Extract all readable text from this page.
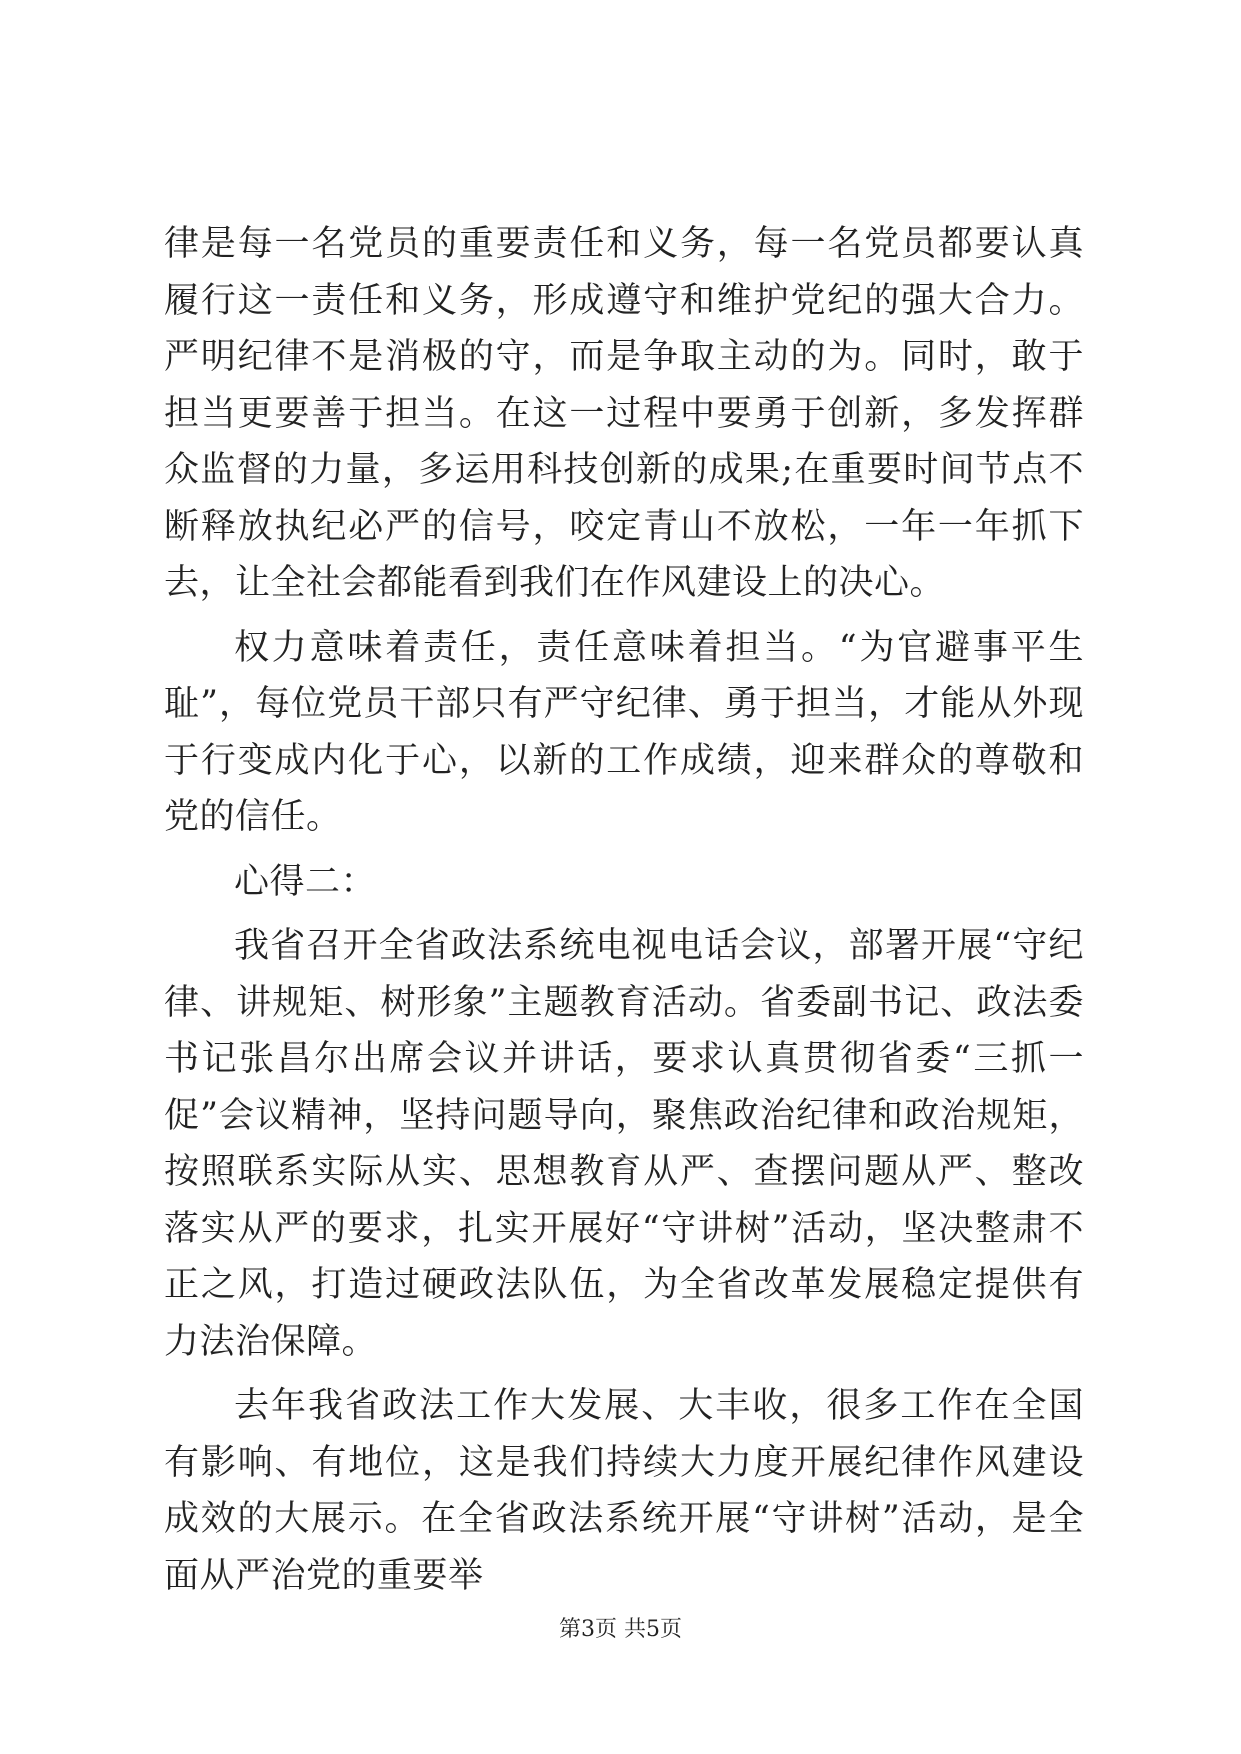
律是每一名党员的重要责任和义务，每一名党员都要认真履行这一责任和义务，形成遵守和维护党纪的强大合力。严明纪律不是消极的守，而是争取主动的为。同时，敢于担当更要善于担当。在这一过程中要勇于创新，多发挥群众监督的力量，多运用科技创新的成果;在重要时间节点不断释放执纪必严的信号，咬定青山不放松，一年一年抓下去，让全社会都能看到我们在作风建设上的决心。

权力意味着责任，责任意味着担当。“为官避事平生耻”，每位党员干部只有严守纪律、勇于担当，才能从外现于行变成内化于心，以新的工作成绩，迎来群众的尊敬和党的信任。

心得二：

我省召开全省政法系统电视电话会议，部署开展“守纪律、讲规矩、树形象”主题教育活动。省委副书记、政法委书记张昌尔出席会议并讲话，要求认真贯彻省委“三抓一促”会议精神，坚持问题导向，聚焦政治纪律和政治规矩，按照联系实际从实、思想教育从严、查摆问题从严、整改落实从严的要求，扎实开展好“守讲树”活动，坚决整肃不正之风，打造过硬政法队伍，为全省改革发展稳定提供有力法治保障。

去年我省政法工作大发展、大丰收，很多工作在全国有影响、有地位，这是我们持续大力度开展纪律作风建设成效的大展示。在全省政法系统开展“守讲树”活动，是全面从严治党的重要举

第3页 共5页
